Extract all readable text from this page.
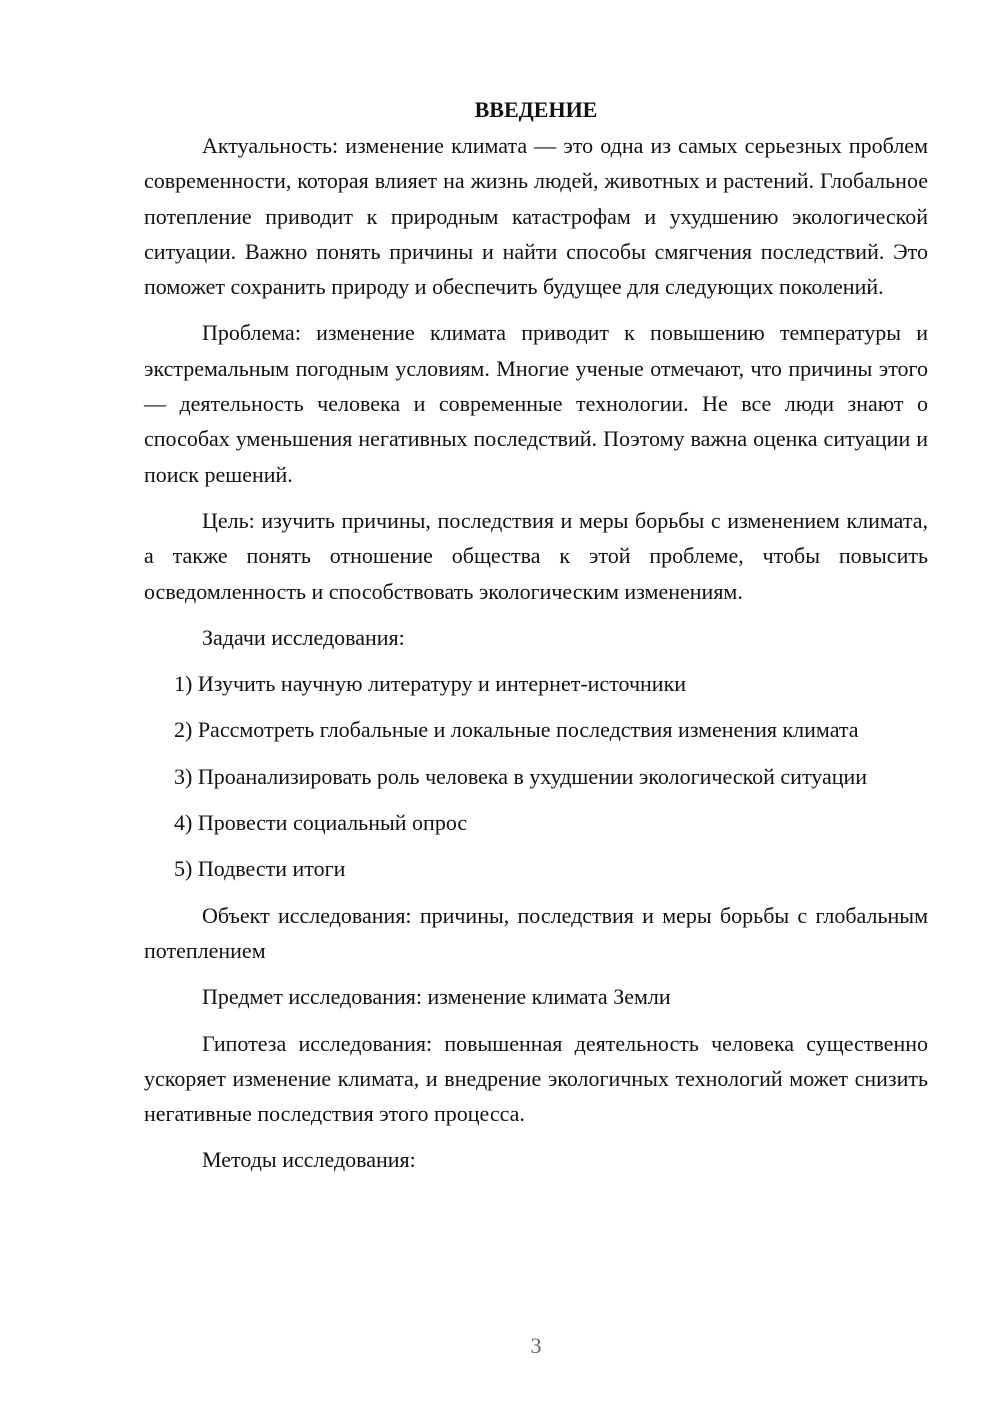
ВВЕДЕНИЕ

Актуальность: изменение климата — это одна из самых серьезных проблем современности, которая влияет на жизнь людей, животных и растений. Глобальное потепление приводит к природным катастрофам и ухудшению экологической ситуации. Важно понять причины и найти способы смягчения последствий. Это поможет сохранить природу и обеспечить будущее для следующих поколений.

Проблема: изменение климата приводит к повышению температуры и экстремальным погодным условиям. Многие ученые отмечают, что причины этого — деятельность человека и современные технологии. Не все люди знают о способах уменьшения негативных последствий. Поэтому важна оценка ситуации и поиск решений.

Цель: изучить причины, последствия и меры борьбы с изменением климата, а также понять отношение общества к этой проблеме, чтобы повысить осведомленность и способствовать экологическим изменениям.

Задачи исследования:

1) Изучить научную литературу и интернет-источники

2) Рассмотреть глобальные и локальные последствия изменения климата

3) Проанализировать роль человека в ухудшении экологической ситуации

4) Провести социальный опрос

5) Подвести итоги

Объект исследования: причины, последствия и меры борьбы с глобальным потеплением

Предмет исследования: изменение климата Земли

Гипотеза исследования: повышенная деятельность человека существенно ускоряет изменение климата, и внедрение экологичных технологий может снизить негативные последствия этого процесса.

Методы исследования:

3
